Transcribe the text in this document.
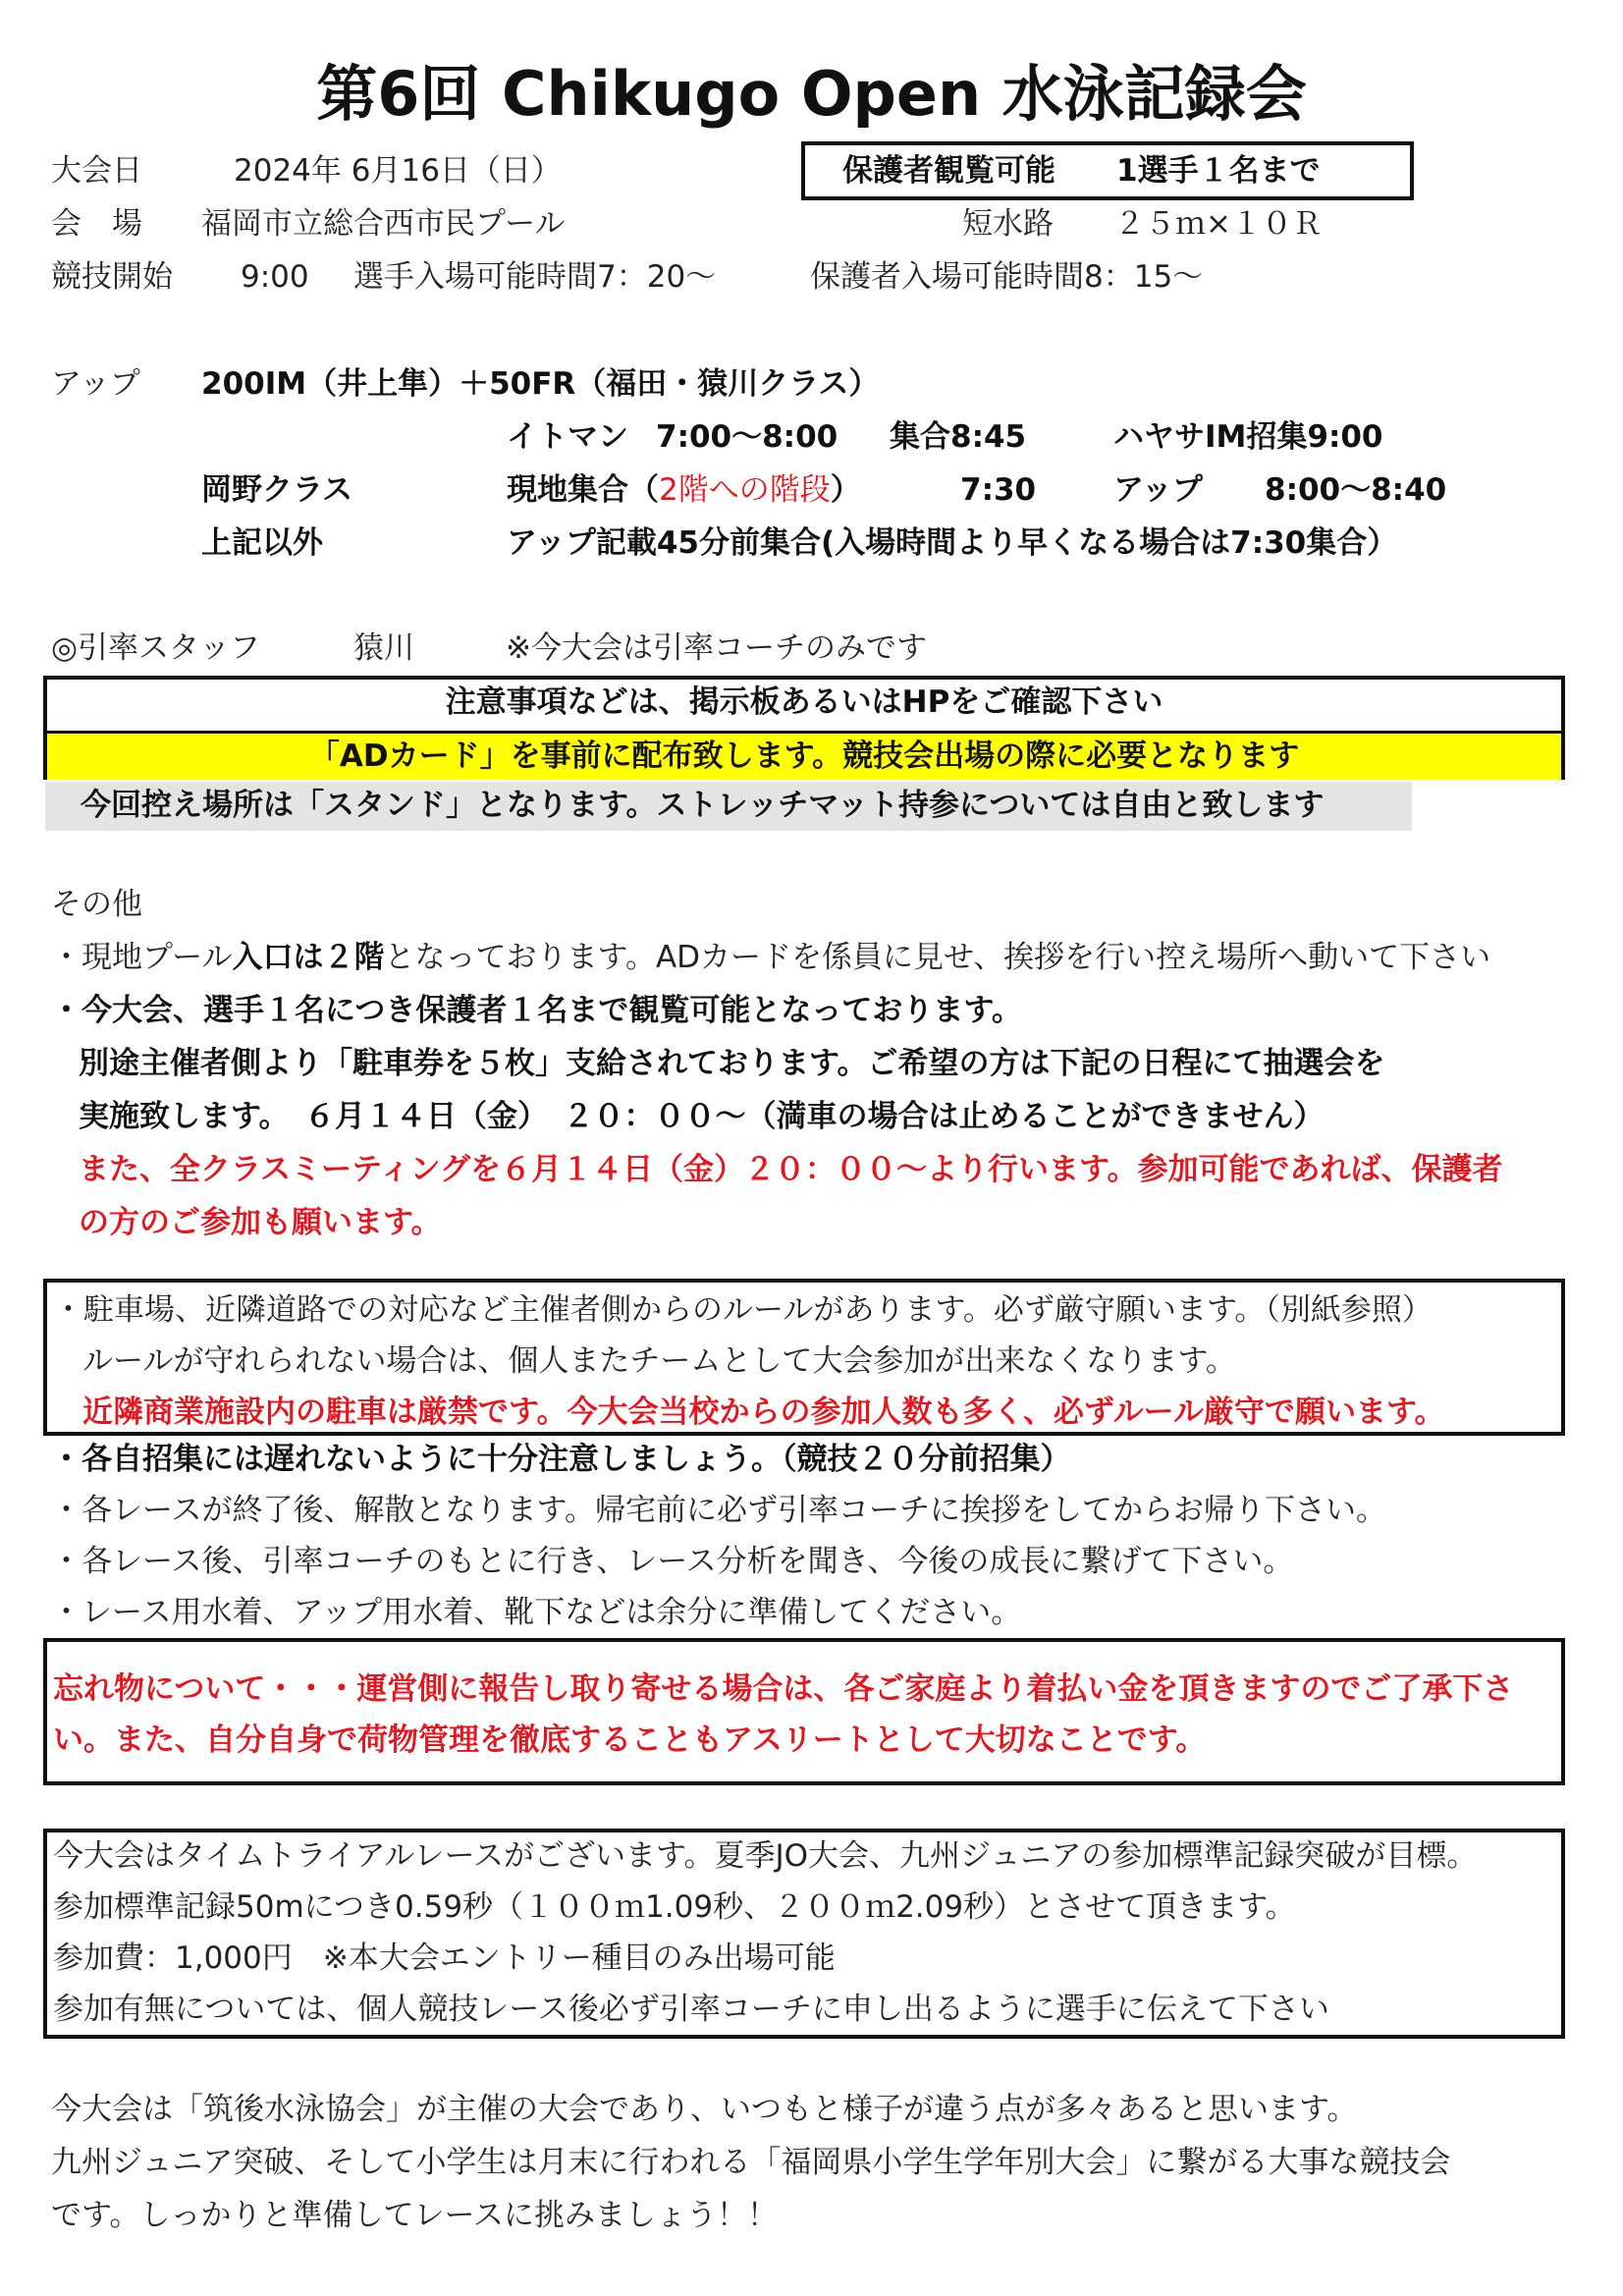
第6回 Chikugo Open 水泳記録会
大会日	2024年 6月16日（日）	保護者観覧可能　　1選手１名まで
会　場 福岡市立総合西市民プール	短水路　　２５ｍ×１０Ｒ
競技開始 9:00 選手入場可能時間7：20～	保護者入場可能時間8：15～
アップ 200IM（井上隼）＋50FR（福田・猿川クラス）
イトマン 7:00～8:00 集合8:45	ハヤサIM招集9:00
岡野クラス	現地集合（2階への階段）	7:30	アップ 8:00～8:40
上記以外	アップ記載45分前集合(入場時間より早くなる場合は7:30集合）
◎引率スタッフ	猿川	※今大会は引率コーチのみです
注意事項などは、掲示板あるいはHPをご確認下さい
「ADカード」を事前に配布致します。競技会出場の際に必要となります
今回控え場所は「スタンド」となります。ストレッチマット持参については自由と致します
その他
・現地プール入口は２階となっております。ADカードを係員に見せ、挨拶を行い控え場所へ動いて下さい
・今大会、選手１名につき保護者１名まで観覧可能となっております。
別途主催者側より「駐車券を５枚」支給されております。ご希望の方は下記の日程にて抽選会を
実施致します。　６月１４日（金）　２０：００～（満車の場合は止めることができません）
また、全クラスミーティングを６月１４日（金）２０：００～より行います。参加可能であれば、保護者
の方のご参加も願います。
・駐車場、近隣道路での対応など主催者側からのルールがあります。必ず厳守願います。（別紙参照）
ルールが守れられない場合は、個人またチームとして大会参加が出来なくなります。
近隣商業施設内の駐車は厳禁です。今大会当校からの参加人数も多く、必ずルール厳守で願います。
・各自招集には遅れないように十分注意しましょう。（競技２０分前招集）
・各レースが終了後、解散となります。帰宅前に必ず引率コーチに挨拶をしてからお帰り下さい。
・各レース後、引率コーチのもとに行き、レース分析を聞き、今後の成長に繋げて下さい。
・レース用水着、アップ用水着、靴下などは余分に準備してください。
忘れ物について・・・運営側に報告し取り寄せる場合は、各ご家庭より着払い金を頂きますのでご了承下さ
い。また、自分自身で荷物管理を徹底することもアスリートとして大切なことです。
今大会はタイムトライアルレースがございます。夏季JO大会、九州ジュニアの参加標準記録突破が目標。
参加標準記録50mにつき0.59秒（１００ｍ1.09秒、２００ｍ2.09秒）とさせて頂きます。
参加費：1,000円　※本大会エントリー種目のみ出場可能
参加有無については、個人競技レース後必ず引率コーチに申し出るように選手に伝えて下さい
今大会は「筑後水泳協会」が主催の大会であり、いつもと様子が違う点が多々あると思います。
九州ジュニア突破、そして小学生は月末に行われる「福岡県小学生学年別大会」に繋がる大事な競技会
です。しっかりと準備してレースに挑みましょう！！
